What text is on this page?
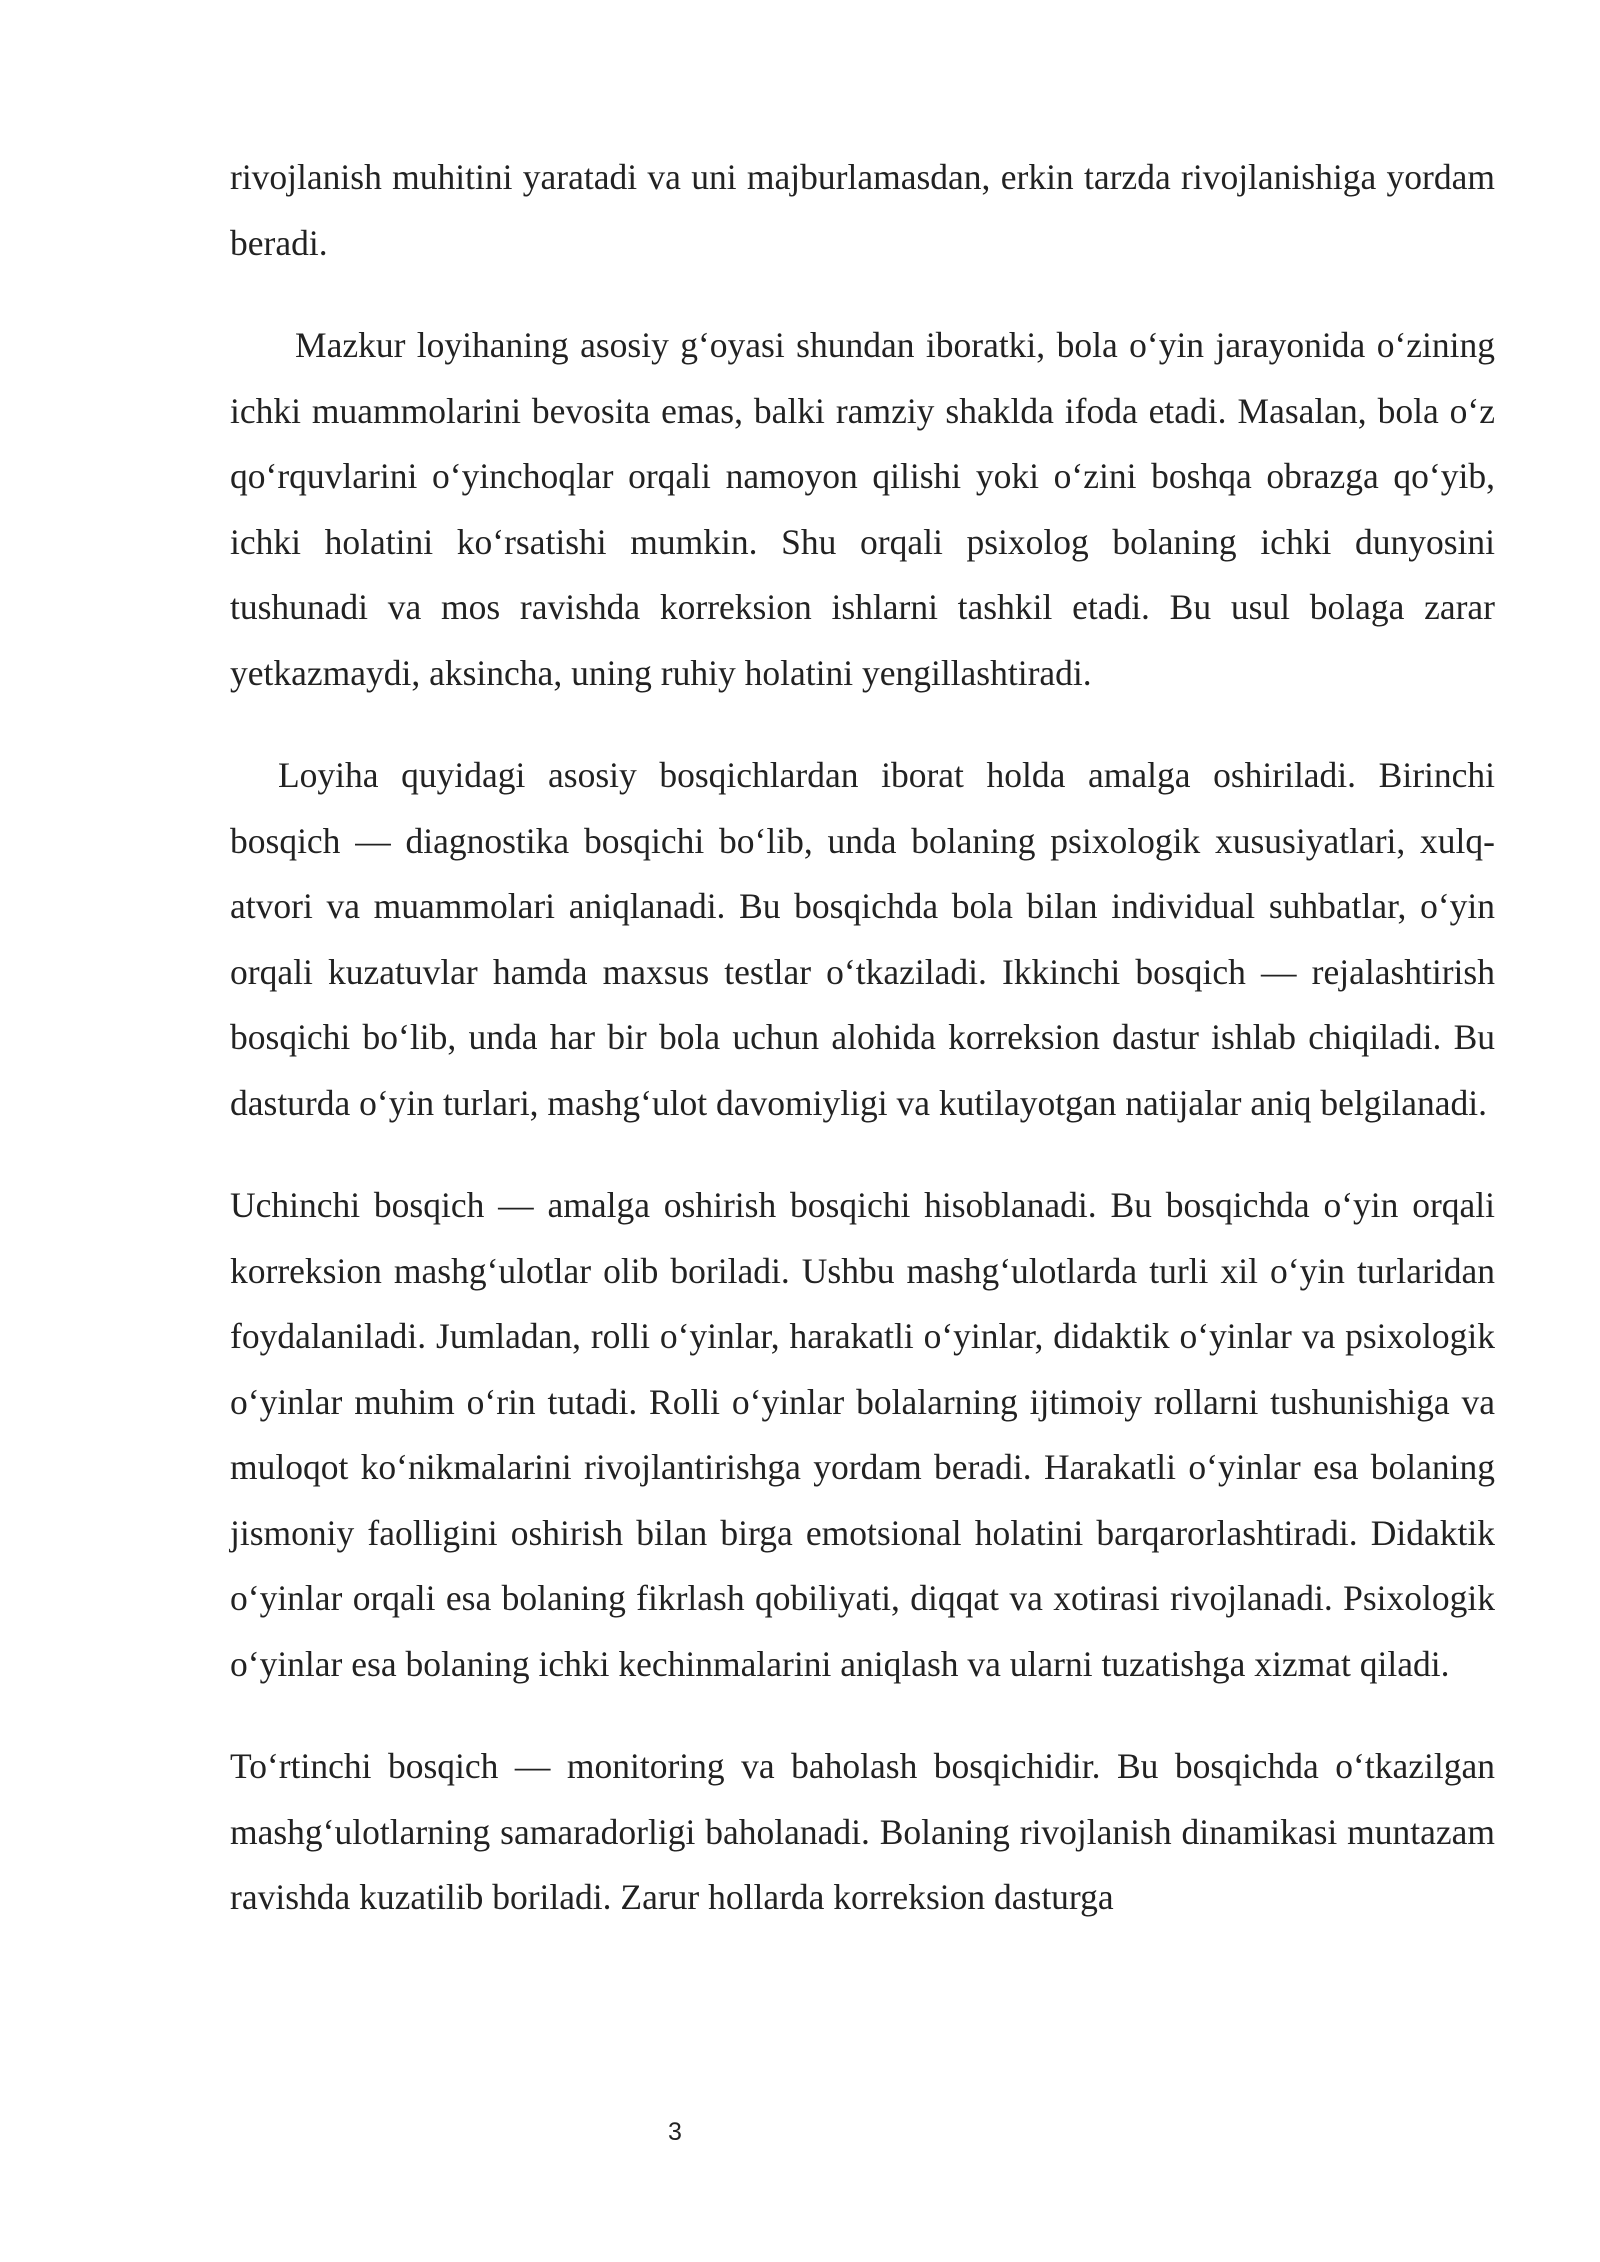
rivojlanish muhitini yaratadi va uni majburlamasdan, erkin tarzda rivojlanishiga yordam beradi.

Mazkur loyihaning asosiy g‘oyasi shundan iboratki, bola o‘yin jarayonida o‘zining ichki muammolarini bevosita emas, balki ramziy shaklda ifoda etadi. Masalan, bola o‘z qo‘rquvlarini o‘yinchoqlar orqali namoyon qilishi yoki o‘zini boshqa obrazga qo‘yib, ichki holatini ko‘rsatishi mumkin. Shu orqali psixolog bolaning ichki dunyosini tushunadi va mos ravishda korreksion ishlarni tashkil etadi. Bu usul bolaga zarar yetkazmaydi, aksincha, uning ruhiy holatini yengillashtiradi.

Loyiha quyidagi asosiy bosqichlardan iborat holda amalga oshiriladi. Birinchi bosqich — diagnostika bosqichi bo‘lib, unda bolaning psixologik xususiyatlari, xulq-atvori va muammolari aniqlanadi. Bu bosqichda bola bilan individual suhbatlar, o‘yin orqali kuzatuvlar hamda maxsus testlar o‘tkaziladi. Ikkinchi bosqich — rejalashtirish bosqichi bo‘lib, unda har bir bola uchun alohida korreksion dastur ishlab chiqiladi. Bu dasturda o‘yin turlari, mashg‘ulot davomiyligi va kutilayotgan natijalar aniq belgilanadi.

Uchinchi bosqich — amalga oshirish bosqichi hisoblanadi. Bu bosqichda o‘yin orqali korreksion mashg‘ulotlar olib boriladi. Ushbu mashg‘ulotlarda turli xil o‘yin turlaridan foydalaniladi. Jumladan, rolli o‘yinlar, harakatli o‘yinlar, didaktik o‘yinlar va psixologik o‘yinlar muhim o‘rin tutadi. Rolli o‘yinlar bolalarning ijtimoiy rollarni tushunishiga va muloqot ko‘nikmalarini rivojlantirishga yordam beradi. Harakatli o‘yinlar esa bolaning jismoniy faolligini oshirish bilan birga emotsional holatini barqarorlashtiradi. Didaktik o‘yinlar orqali esa bolaning fikrlash qobiliyati, diqqat va xotirasi rivojlanadi. Psixologik o‘yinlar esa bolaning ichki kechinmalarini aniqlash va ularni tuzatishga xizmat qiladi.

To‘rtinchi bosqich — monitoring va baholash bosqichidir. Bu bosqichda o‘tkazilgan mashg‘ulotlarning samaradorligi baholanadi. Bolaning rivojlanish dinamikasi muntazam ravishda kuzatilib boriladi. Zarur hollarda korreksion dasturga

3
